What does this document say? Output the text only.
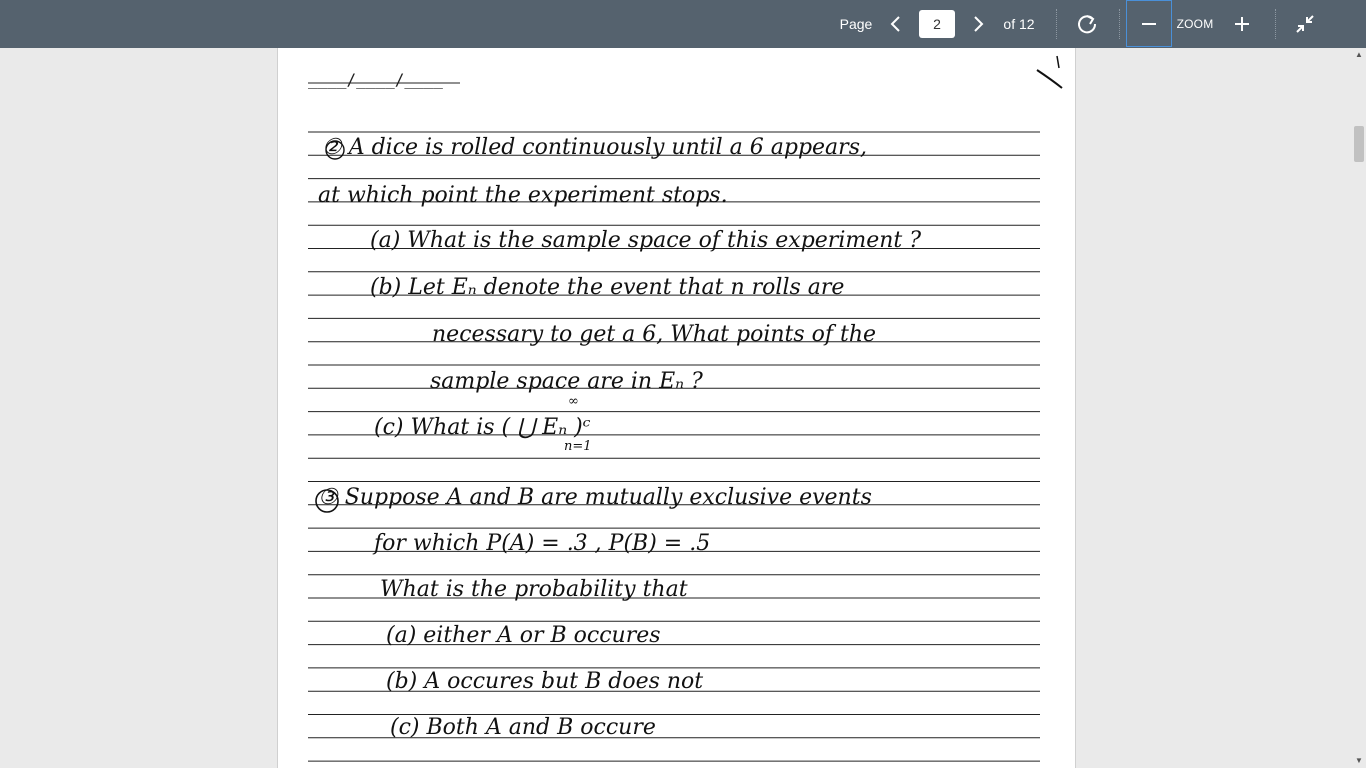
Page
2	of 12	ZOOM
____/____/____
② A dice is rolled continuously until a 6 appears,
at which point the experiment stops.
(a) What is the sample space of this experiment ?
(b) Let Eₙ denote the event that n rolls are
necessary to get a 6, What points of the
sample space are in Eₙ ?
∞
(c) What is ( ⋃ Eₙ )ᶜ
n=1
③ Suppose A and B are mutually exclusive events
for which P(A) = .3 , P(B) = .5
What is the probability that
(a) either A or B occures
(b) A occures but B does not
(c) Both A and B occure
▲
▼
